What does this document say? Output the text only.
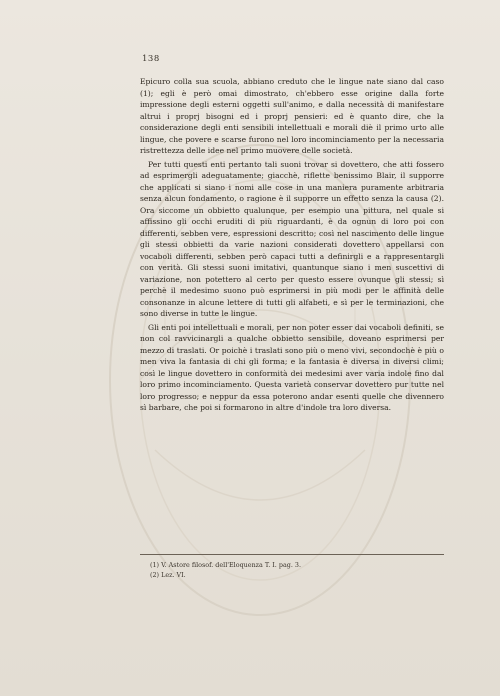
138

Epicuro colla sua scuola, abbiano creduto che le lingue nate siano dal caso (1); egli è però omai dimostrato, ch'ebbero esse origine dalla forte impressione degli esterni oggetti sull'animo, e dalla necessità di manifestare altrui i proprj bisogni ed i proprj pensieri: ed è quanto dire, che la considerazione degli enti sensibili intellettuali e morali diè il primo urto alle lingue, che povere e scarse furono nel loro incominciamento per la necessaria ristrettezza delle idee nel primo muovere delle società.

Per tutti questi enti pertanto tali suoni trovar si dovettero, che atti fossero ad esprimergli adeguatamente; giacchè, riflette benissimo Blair, il supporre che applicati si siano i nomi alle cose in una maniera puramente arbitraria senza alcun fondamento, o ragione è il supporre un effetto senza la causa (2). Ora siccome un obbietto qualunque, per esempio una pittura, nel quale si affissino gli occhi eruditi di più riguardanti, è da ognun di loro poi con differenti, sebben vere, espressioni descritto; così nel nascimento delle lingue gli stessi obbietti da varie nazioni considerati dovettero appellarsi con vocaboli differenti, sebben però capaci tutti a definirgli e a rappresentargli con verità. Gli stessi suoni imitativi, quantunque siano i men suscettivi di variazione, non potettero al certo per questo essere ovunque gli stessi; sì perchè il medesimo suono può esprimersi in più modi per le affinità delle consonanze in alcune lettere di tutti gli alfabeti, e sì per le terminazioni, che sono diverse in tutte le lingue.

Gli enti poi intellettuali e morali, per non poter esser dai vocaboli definiti, se non col ravvicinargli a qualche obbietto sensibile, doveano esprimersi per mezzo di traslati. Or poichè i traslati sono più o meno vivi, secondochè è più o men viva la fantasia di chi gli forma; e la fantasia è diversa in diversi climi; così le lingue dovettero in conformità dei medesimi aver varia indole fino dal loro primo incominciamento. Questa varietà conservar dovettero pur tutte nel loro progresso; e neppur da essa poterono andar esenti quelle che divennero sì barbare, che poi si formarono in altre d'indole tra loro diversa.

(1) V. Astore filosof. dell'Eloquenza T. I. pag. 3.
(2) Lez. VI.
